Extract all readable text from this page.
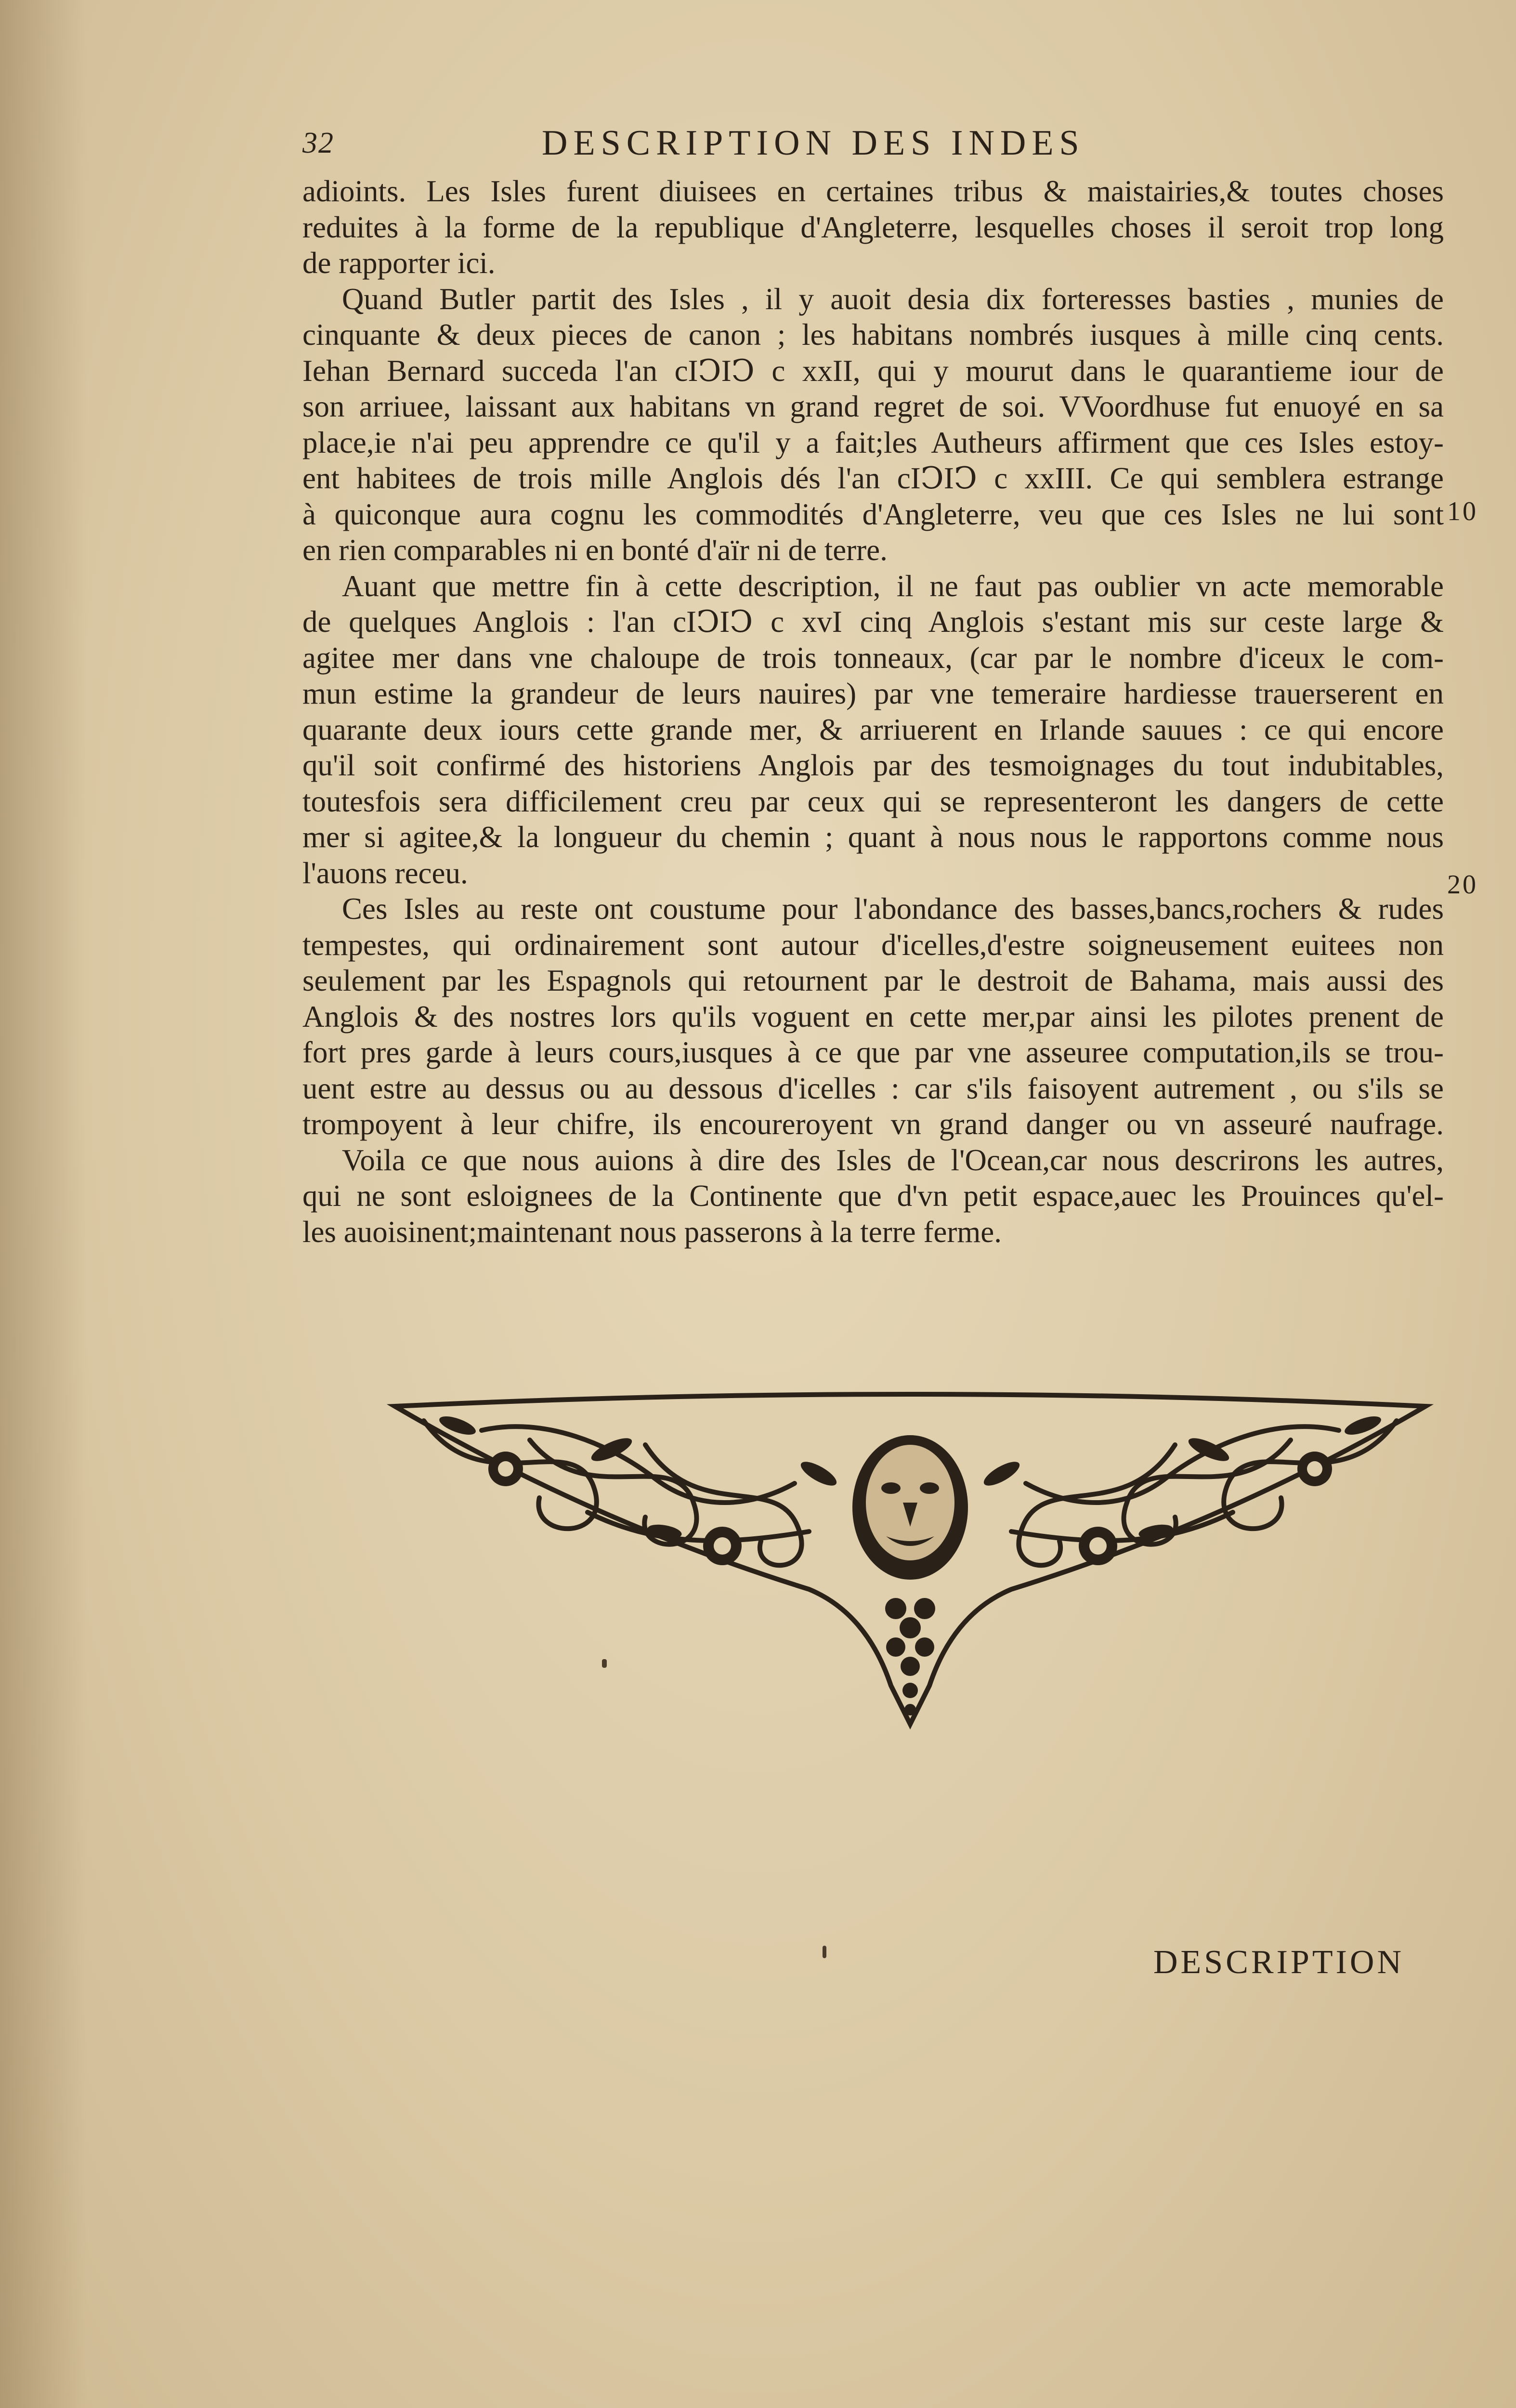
32	DESCRIPTION DES INDES
adioints. Les Isles furent diuisees en certaines tribus & maistairies,& toutes choses
reduites à la forme de la republique d'Angleterre, lesquelles choses il seroit trop long
de rapporter ici.
Quand Butler partit des Isles , il y auoit desia dix forteresses basties , munies de
cinquante & deux pieces de canon ; les habitans nombrés iusques à mille cinq cents.
Iehan Bernard succeda l'an cIↃIↃ c xxII, qui y mourut dans le quarantieme iour de
son arriuee, laissant aux habitans vn grand regret de soi. VVoordhuse fut enuoyé en sa
place,ie n'ai peu apprendre ce qu'il y a fait;les Autheurs affirment que ces Isles estoy-
ent habitees de trois mille Anglois dés l'an cIↃIↃ c xxIII. Ce qui semblera estrange
à quiconque aura cognu les commodités d'Angleterre, veu que ces Isles ne lui sont
en rien comparables ni en bonté d'aïr ni de terre.
Auant que mettre fin à cette description, il ne faut pas oublier vn acte memorable
de quelques Anglois : l'an cIↃIↃ c xvI cinq Anglois s'estant mis sur ceste large &
agitee mer dans vne chaloupe de trois tonneaux, (car par le nombre d'iceux le com-
mun estime la grandeur de leurs nauires) par vne temeraire hardiesse trauerserent en
quarante deux iours cette grande mer, & arriuerent en Irlande sauues : ce qui encore
qu'il soit confirmé des historiens Anglois par des tesmoignages du tout indubitables,
toutesfois sera difficilement creu par ceux qui se representeront les dangers de cette
mer si agitee,& la longueur du chemin ; quant à nous nous le rapportons comme nous
l'auons receu.
Ces Isles au reste ont coustume pour l'abondance des basses,bancs,rochers & rudes
tempestes, qui ordinairement sont autour d'icelles,d'estre soigneusement euitees non
seulement par les Espagnols qui retournent par le destroit de Bahama, mais aussi des
Anglois & des nostres lors qu'ils voguent en cette mer,par ainsi les pilotes prenent de
fort pres garde à leurs cours,iusques à ce que par vne asseuree computation,ils se trou-
uent estre au dessus ou au dessous d'icelles : car s'ils faisoyent autrement , ou s'ils se
trompoyent à leur chifre, ils encoureroyent vn grand danger ou vn asseuré naufrage.
Voila ce que nous auions à dire des Isles de l'Ocean,car nous descrirons les autres,
qui ne sont esloignees de la Continente que d'vn petit espace,auec les Prouinces qu'el-
les auoisinent;maintenant nous passerons à la terre ferme.
10
20
DESCRIPTION
